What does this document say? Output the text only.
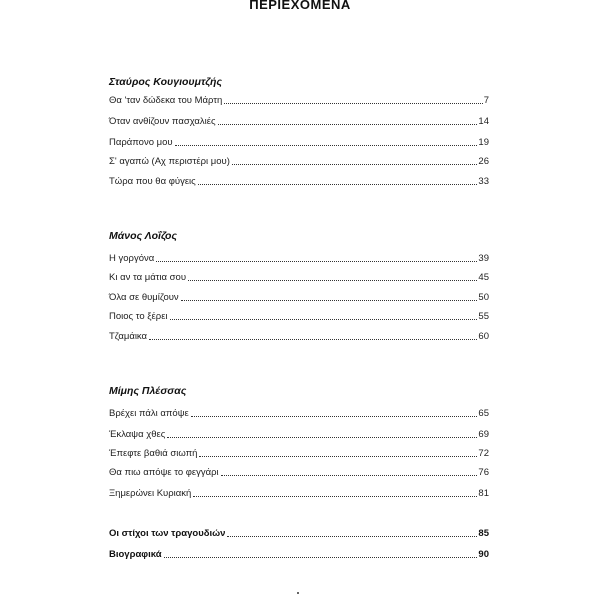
ΠΕΡΙΕΧΟΜΕΝΑ
Σταύρος Κουγιουμτζής
Θα 'ταν δώδεκα του Μάρτη	7
Όταν ανθίζουν πασχαλιές	14
Παράπονο μου	19
Σ' αγαπώ (Αχ περιστέρι μου)	26
Τώρα που θα φύγεις	33
Μάνος Λοΐζος
Η γοργόνα	39
Κι αν τα μάτια σου	45
Όλα σε θυμίζουν	50
Ποιος το ξέρει	55
Τζαμάικα	60
Μίμης Πλέσσας
Βρέχει πάλι απόψε	65
Έκλαψα χθες	69
Έπεφτε βαθιά σιωπή	72
Θα πιω απόψε το φεγγάρι	76
Ξημερώνει Κυριακή	81
Οι στίχοι των τραγουδιών	85
Βιογραφικά	90
